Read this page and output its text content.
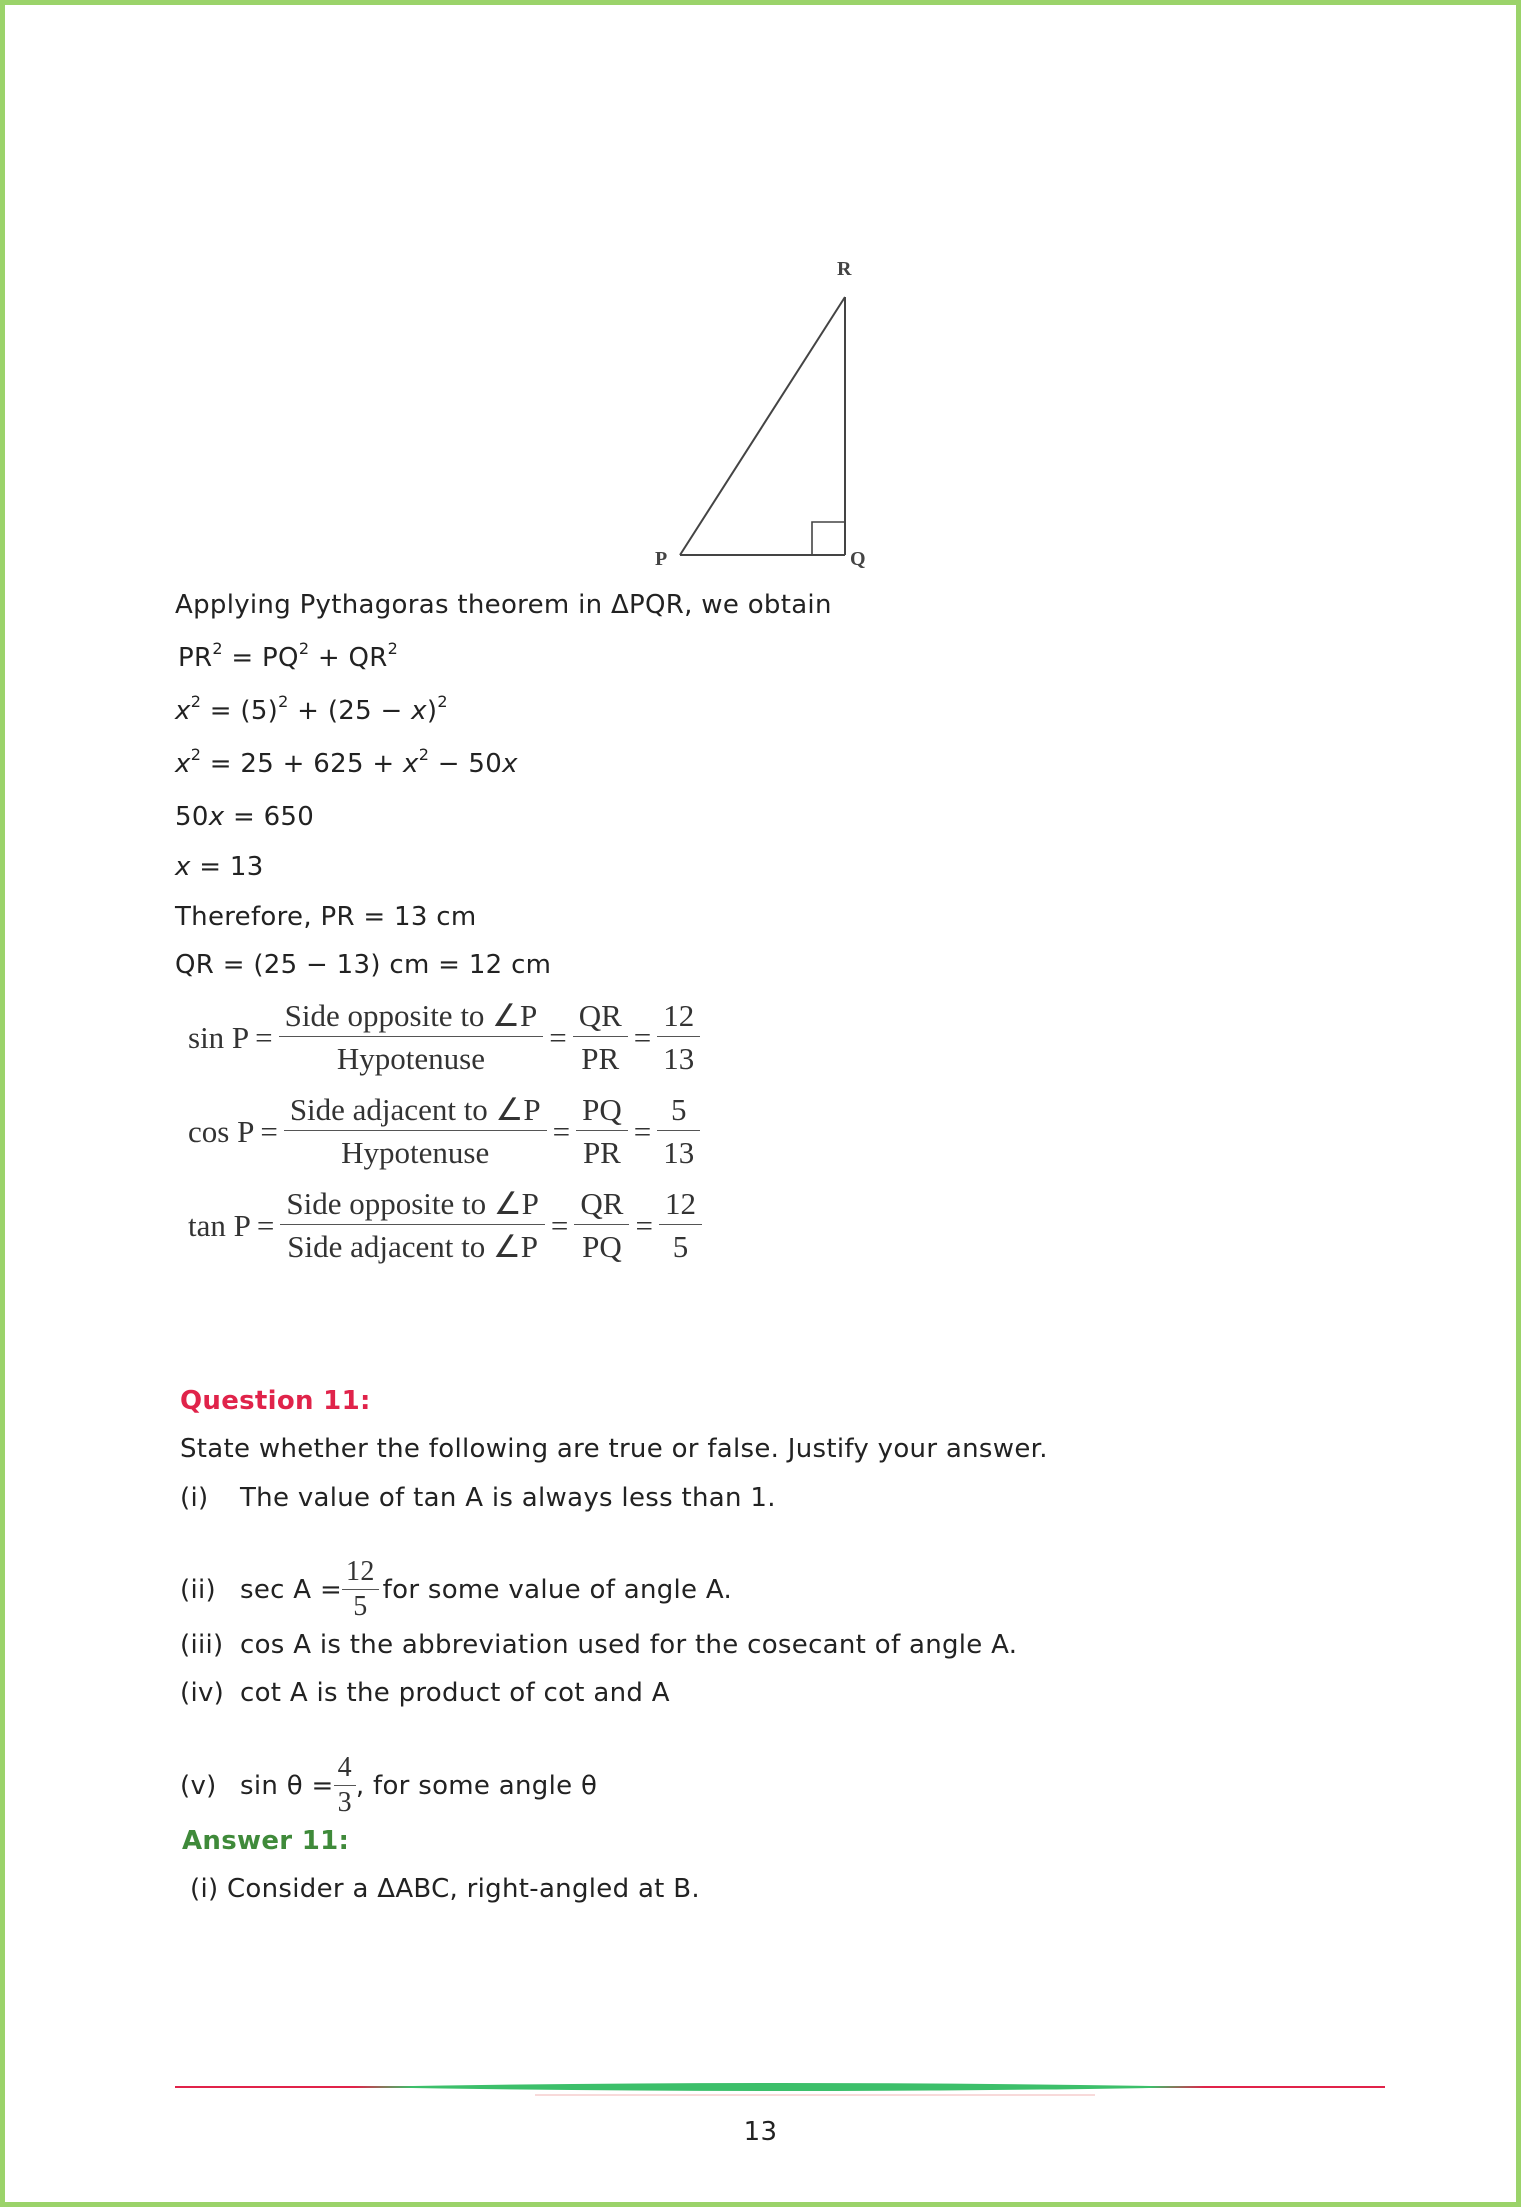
R
P	Q
Applying Pythagoras theorem in ΔPQR, we obtain
$PR^2 = PQ^2 + QR^2$
$x^2 = (5)^2 + (25 - x)^2$
$x^2 = 25 + 625 + x^2 - 50x$
50x = 650
x = 13
Therefore, PR = 13 cm
QR = (25 − 13) cm = 12 cm
$\sin P = \frac{\text{Side opposite to ∠P}}{\text{Hypotenuse}} = \frac{QR}{PR} = \frac{12}{13}$
$\cos P = \frac{\text{Side adjacent to ∠P}}{\text{Hypotenuse}} = \frac{PQ}{PR} = \frac{5}{13}$
$\tan P = \frac{\text{Side opposite to ∠P}}{\text{Side adjacent to ∠P}} = \frac{QR}{PQ} = \frac{12}{5}$
Question 11:
State whether the following are true or false. Justify your answer.
(i) The value of tan A is always less than 1.
(ii) $\sec A = \frac{12}{5}$ for some value of angle A.
(iii) cos A is the abbreviation used for the cosecant of angle A.
(iv) cot A is the product of cot and A
(v) $\sin \theta = \frac{4}{3}$ , for some angle θ
Answer 11:
(i) Consider a ΔABC, right-angled at B.
13
